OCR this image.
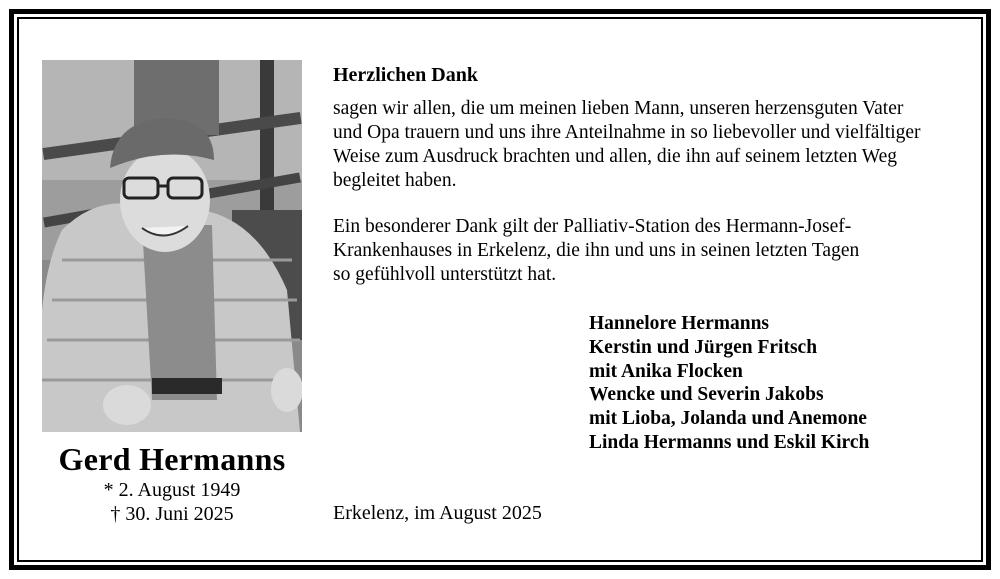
Gerd Hermanns
* 2. August 1949
† 30. Juni 2025
Herzlichen Dank
sagen wir allen, die um meinen lieben Mann, unseren herzensguten Vater
und Opa trauern und uns ihre Anteilnahme in so liebevoller und vielfältiger
Weise zum Ausdruck brachten und allen, die ihn auf seinem letzten Weg
begleitet haben.
Ein besonderer Dank gilt der Palliativ-Station des Hermann-Josef-
Krankenhauses in Erkelenz, die ihn und uns in seinen letzten Tagen
so gefühlvoll unterstützt hat.
Hannelore Hermanns
Kerstin und Jürgen Fritsch
mit Anika Flocken
Wencke und Severin Jakobs
mit Lioba, Jolanda und Anemone
Linda Hermanns und Eskil Kirch
Erkelenz, im August 2025
